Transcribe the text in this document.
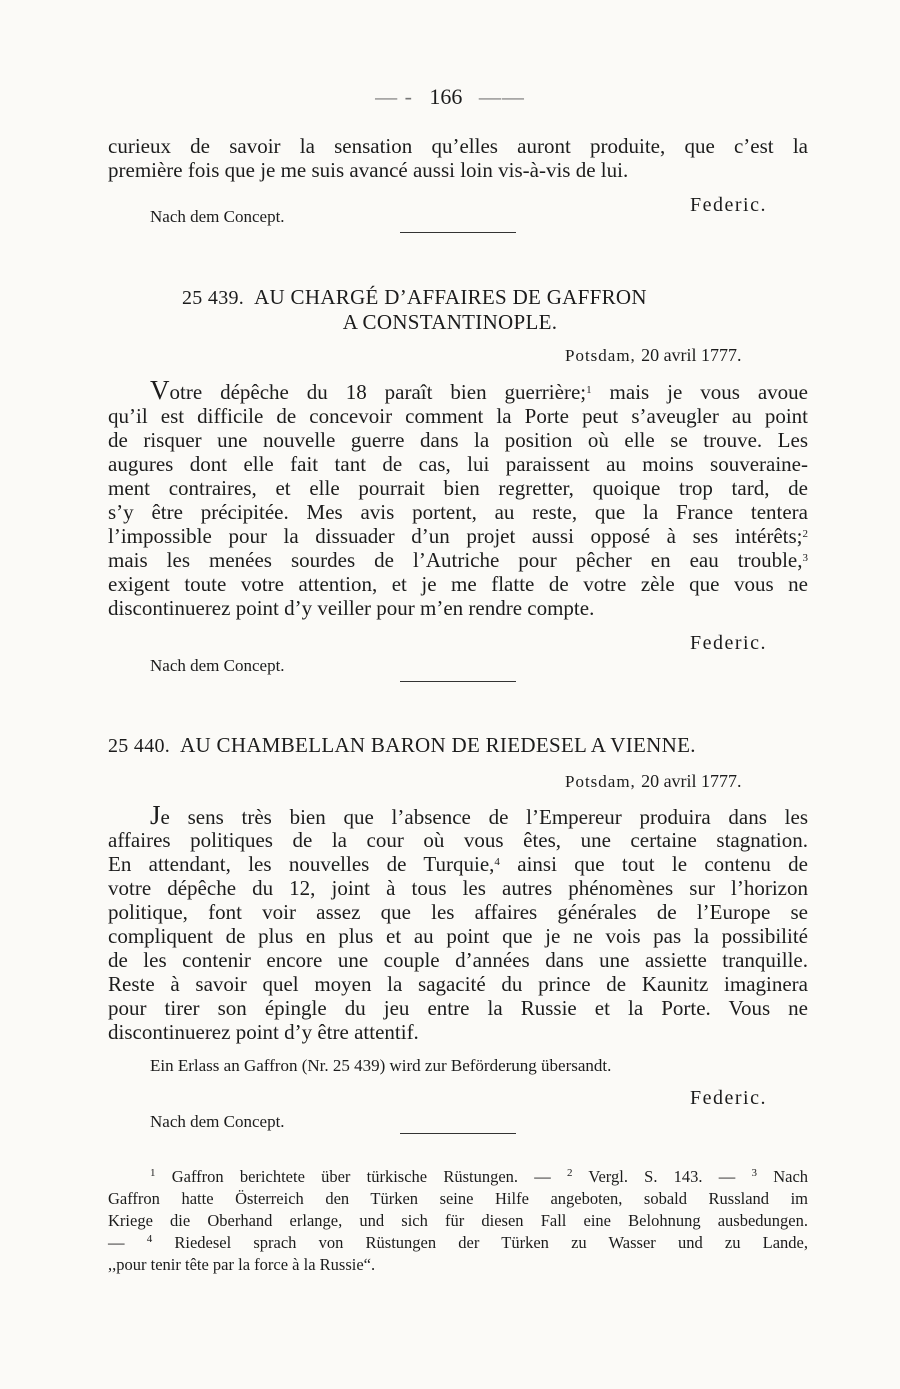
— - 166 ——
curieux de savoir la sensation qu’elles auront produite, que c’est la
première fois que je me suis avancé aussi loin vis-à-vis de lui.
Federic.
Nach dem Concept.
25 439. AU CHARGÉ D’AFFAIRES DE GAFFRON
A CONSTANTINOPLE.
Potsdam, 20 avril 1777.
Votre dépêche du 18 paraît bien guerrière;$^1$ mais je vous avoue
qu’il est difficile de concevoir comment la Porte peut s’aveugler au point
de risquer une nouvelle guerre dans la position où elle se trouve. Les
augures dont elle fait tant de cas, lui paraissent au moins souveraine-
ment contraires, et elle pourrait bien regretter, quoique trop tard, de
s’y être précipitée. Mes avis portent, au reste, que la France tentera
l’impossible pour la dissuader d’un projet aussi opposé à ses intérêts;$^2$
mais les menées sourdes de l’Autriche pour pêcher en eau trouble,$^3$
exigent toute votre attention, et je me flatte de votre zèle que vous ne
discontinuerez point d’y veiller pour m’en rendre compte.
Federic.
Nach dem Concept.
25 440. AU CHAMBELLAN BARON DE RIEDESEL A VIENNE.
Potsdam, 20 avril 1777.
Je sens très bien que l’absence de l’Empereur produira dans les
affaires politiques de la cour où vous êtes, une certaine stagnation.
En attendant, les nouvelles de Turquie,$^4$ ainsi que tout le contenu de
votre dépêche du 12, joint à tous les autres phénomènes sur l’horizon
politique, font voir assez que les affaires générales de l’Europe se
compliquent de plus en plus et au point que je ne vois pas la possibilité
de les contenir encore une couple d’années dans une assiette tranquille.
Reste à savoir quel moyen la sagacité du prince de Kaunitz imaginera
pour tirer son épingle du jeu entre la Russie et la Porte. Vous ne
discontinuerez point d’y être attentif.
Ein Erlass an Gaffron (Nr. 25 439) wird zur Beförderung übersandt.
Federic.
Nach dem Concept.
$^1$ Gaffron berichtete über türkische Rüstungen. — $^2$ Vergl. S. 143. — $^3$ Nach
Gaffron hatte Österreich den Türken seine Hilfe angeboten, sobald Russland im
Kriege die Oberhand erlange, und sich für diesen Fall eine Belohnung ausbedungen.
— $^4$ Riedesel sprach von Rüstungen der Türken zu Wasser und zu Lande,
,,pour tenir tête par la force à la Russie“.
